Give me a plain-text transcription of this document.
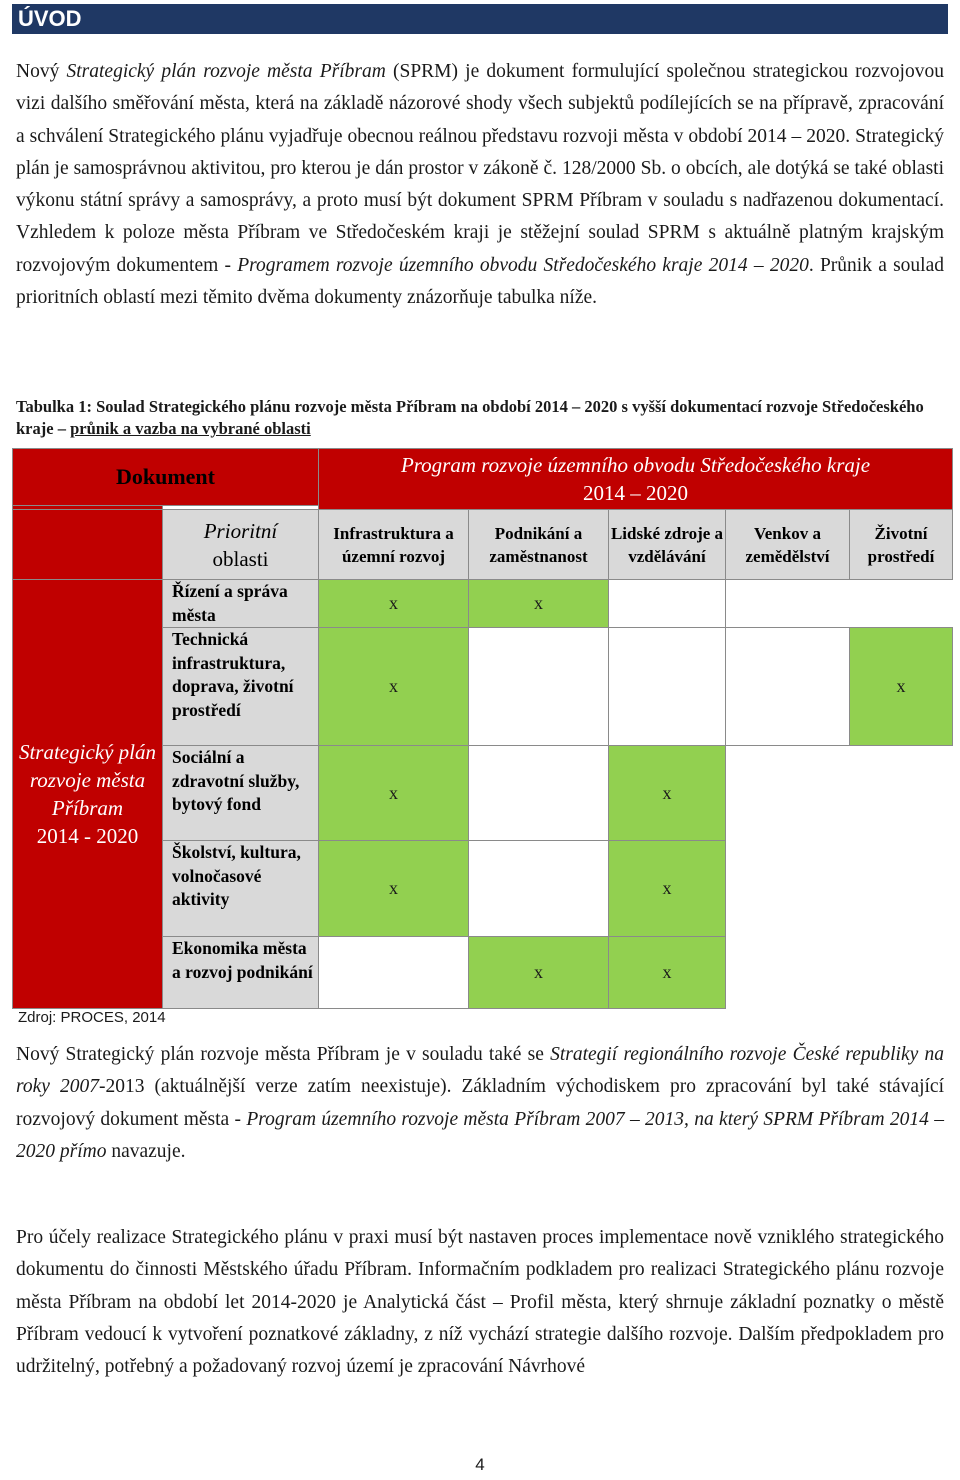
ÚVOD

Nový Strategický plán rozvoje města Příbram (SPRM) je dokument formulující společnou strategickou rozvojovou vizi dalšího směřování města, která na základě názorové shody všech subjektů podílejících se na přípravě, zpracování a schválení Strategického plánu vyjadřuje obecnou reálnou představu rozvoji města v období 2014 – 2020. Strategický plán je samosprávnou aktivitou, pro kterou je dán prostor v zákoně č. 128/2000 Sb. o obcích, ale dotýká se také oblasti výkonu státní správy a samosprávy, a proto musí být dokument SPRM Příbram v souladu s nadřazenou dokumentací. Vzhledem k poloze města Příbram ve Středočeském kraji je stěžejní soulad SPRM s aktuálně platným krajským rozvojovým dokumentem - Programem rozvoje územního obvodu Středočeského kraje 2014 – 2020. Průnik a soulad prioritních oblastí mezi těmito dvěma dokumenty znázorňuje tabulka níže.

Tabulka 1: Soulad Strategického plánu rozvoje města Příbram na období 2014 – 2020 s vyšší dokumentací rozvoje Středočeského kraje – průnik a vazba na vybrané oblasti
Dokument		Program rozvoje územního obvodu Středočeského kraje
2014 – 2020				

	Prioritní
oblasti	Infrastruktura a územní rozvoj	Podnikání a zaměstnanost	Lidské zdroje a vzdělávání	Venkov a zemědělství	Životní prostředí
Strategický plán rozvoje města Příbram
2014 - 2020	Řízení a správa města	x	x			
	Technická infrastruktura, doprava, životní prostředí	x				x
	Sociální a zdravotní služby, bytový fond	x		x		
	Školství, kultura, volnočasové aktivity	x		x		
	Ekonomika města a rozvoj podnikání		x	x		
Zdroj: PROCES, 2014

Nový Strategický plán rozvoje města Příbram je v souladu také se Strategií regionálního rozvoje České republiky na roky 2007-2013 (aktuálnější verze zatím neexistuje). Základním východiskem pro zpracování byl také stávající rozvojový dokument města - Program územního rozvoje města Příbram 2007 – 2013, na který SPRM Příbram 2014 – 2020 přímo navazuje.

Pro účely realizace Strategického plánu v praxi musí být nastaven proces implementace nově vzniklého strategického dokumentu do činnosti Městského úřadu Příbram. Informačním podkladem pro realizaci Strategického plánu rozvoje města Příbram na období let 2014-2020 je Analytická část – Profil města, který shrnuje základní poznatky o městě Příbram vedoucí k vytvoření poznatkové základny, z níž vychází strategie dalšího rozvoje. Dalším předpokladem pro udržitelný, potřebný a požadovaný rozvoj území je zpracování Návrhové

4
